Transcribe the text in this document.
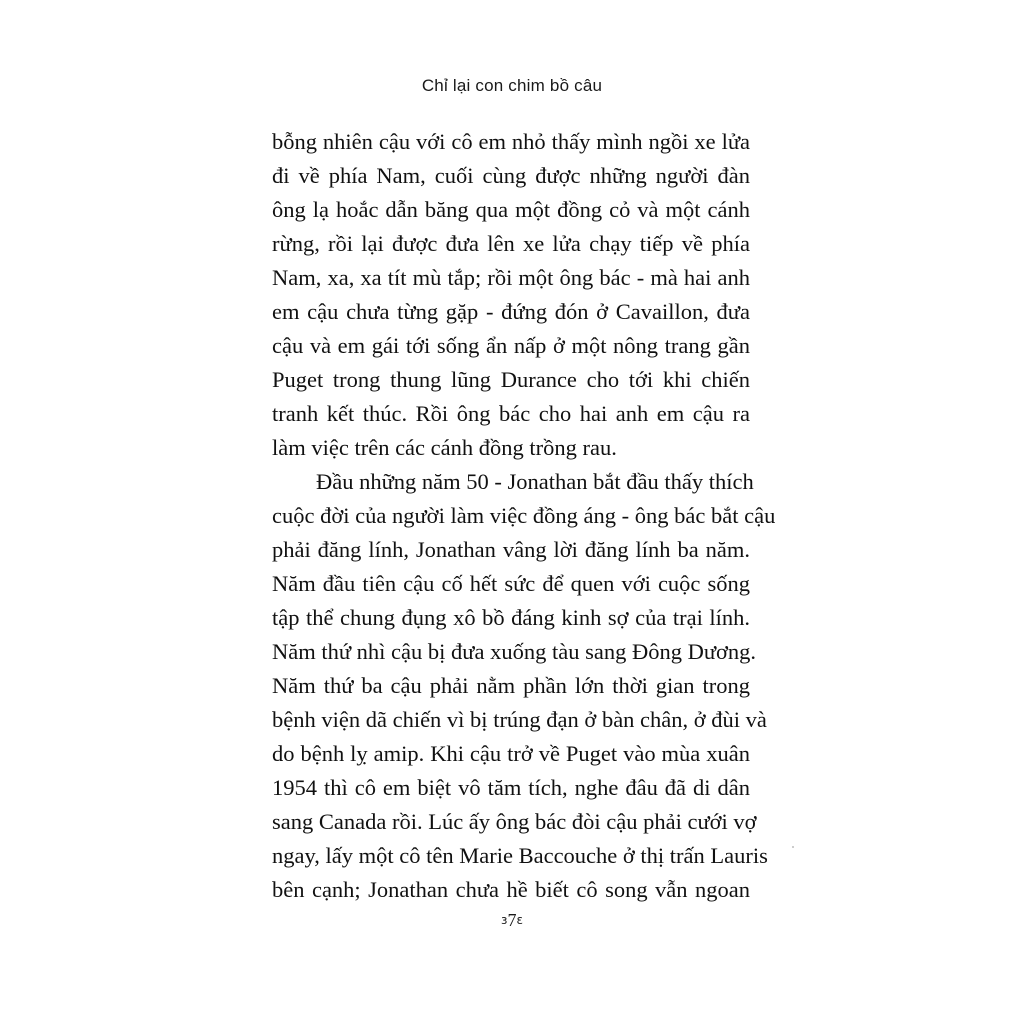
Chỉ lại con chim bồ câu
bỗng nhiên cậu với cô em nhỏ thấy mình ngồi xe lửa
đi về phía Nam, cuối cùng được những người đàn
ông lạ hoắc dẫn băng qua một đồng cỏ và một cánh
rừng, rồi lại được đưa lên xe lửa chạy tiếp về phía
Nam, xa, xa tít mù tắp; rồi một ông bác - mà hai anh
em cậu chưa từng gặp - đứng đón ở Cavaillon, đưa
cậu và em gái tới sống ẩn nấp ở một nông trang gần
Puget trong thung lũng Durance cho tới khi chiến
tranh kết thúc. Rồi ông bác cho hai anh em cậu ra
làm việc trên các cánh đồng trồng rau.
Đầu những năm 50 - Jonathan bắt đầu thấy thích
cuộc đời của người làm việc đồng áng - ông bác bắt cậu
phải đăng lính, Jonathan vâng lời đăng lính ba năm.
Năm đầu tiên cậu cố hết sức để quen với cuộc sống
tập thể chung đụng xô bồ đáng kinh sợ của trại lính.
Năm thứ nhì cậu bị đưa xuống tàu sang Đông Dương.
Năm thứ ba cậu phải nằm phần lớn thời gian trong
bệnh viện dã chiến vì bị trúng đạn ở bàn chân, ở đùi và
do bệnh lỵ amip. Khi cậu trở về Puget vào mùa xuân
1954 thì cô em biệt vô tăm tích, nghe đâu đã di dân
sang Canada rồi. Lúc ấy ông bác đòi cậu phải cưới vợ
ngay, lấy một cô tên Marie Baccouche ở thị trấn Lauris
bên cạnh; Jonathan chưa hề biết cô song vẫn ngoan
ɜ7ɛ
